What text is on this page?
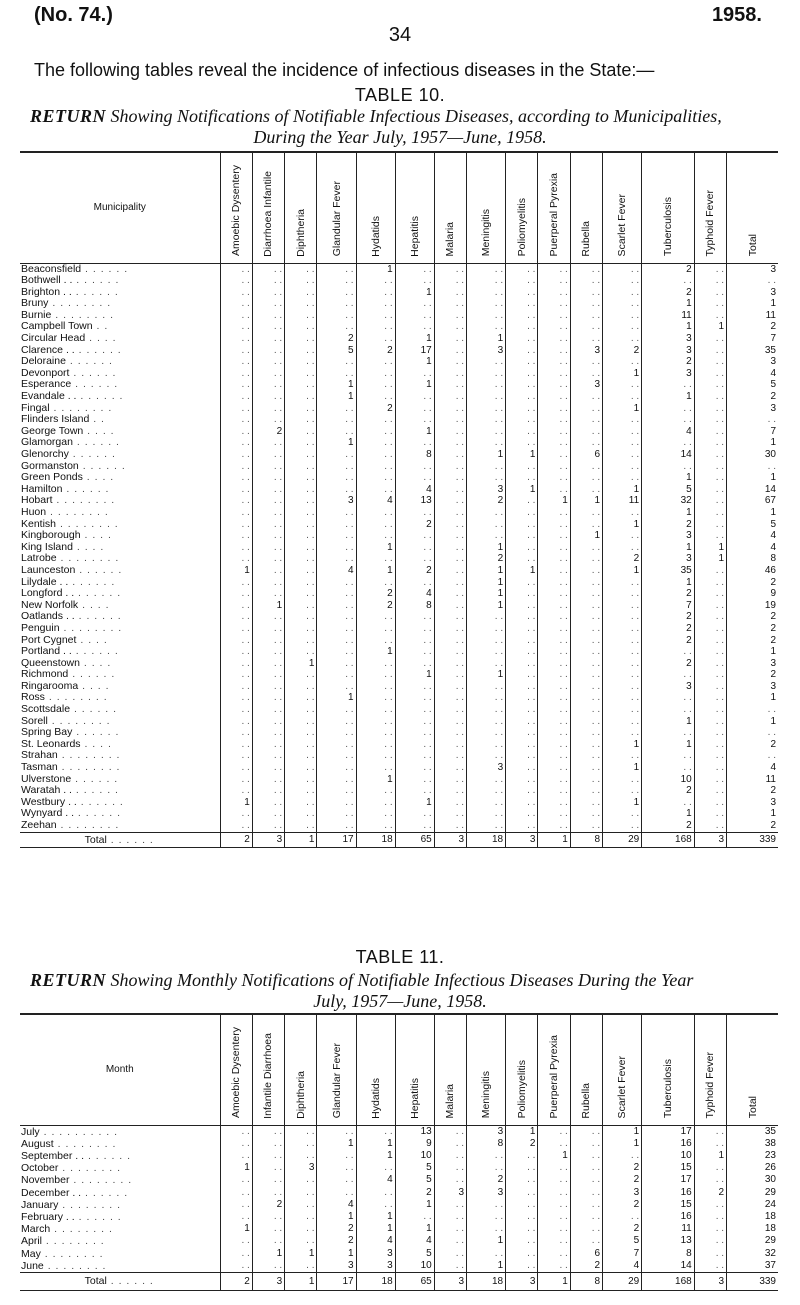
(No. 74.)	1958.
34
The following tables reveal the incidence of infectious diseases in the State:—
TABLE 10.
RETURN Showing Notifications of Notifiable Infectious Diseases, according to Municipalities,
During the Year July, 1957—June, 1958.
Municipality	Amoebic Dysentery	Diarrhoea Infantile	Diphtheria	Glandular Fever	Hydatids	Hepatitis	Malaria	Meningitis	Poliomyelitis	Puerperal Pyrexia	Rubella	Scarlet Fever	Tuberculosis	Typhoid Fever	Total
Beaconsfield . . . . . .	. .	. .	. .	. .	1	. .	. .	. .	. .	. .	. .	. .	2	. .	3
Bothwell . . . . . . . .	. .	. .	. .	. .	. .	. .	. .	. .	. .	. .	. .	. .	. .	. .	. .
Brighton . . . . . . . .	. .	. .	. .	. .	. .	1	. .	. .	. .	. .	. .	. .	2	. .	3
Bruny . . . . . . . .	. .	. .	. .	. .	. .	. .	. .	. .	. .	. .	. .	. .	1	. .	1
Burnie . . . . . . . .	. .	. .	. .	. .	. .	. .	. .	. .	. .	. .	. .	. .	11	. .	11
Campbell Town . .	. .	. .	. .	. .	. .	. .	. .	. .	. .	. .	. .	. .	1	1	2
Circular Head . . . .	. .	. .	. .	2	. .	1	. .	1	. .	. .	. .	. .	3	. .	7
Clarence . . . . . . . .	. .	. .	. .	5	2	17	. .	3	. .	. .	3	2	3	. .	35
Deloraine . . . . . .	. .	. .	. .	. .	. .	1	. .	. .	. .	. .	. .	. .	2	. .	3
Devonport . . . . . .	. .	. .	. .	. .	. .	. .	. .	. .	. .	. .	. .	1	3	. .	4
Esperance . . . . . .	. .	. .	. .	1	. .	1	. .	. .	. .	. .	3	. .	. .	. .	5
Evandale . . . . . . . .	. .	. .	. .	1	. .	. .	. .	. .	. .	. .	. .	. .	1	. .	2
Fingal . . . . . . . .	. .	. .	. .	. .	2	. .	. .	. .	. .	. .	. .	1	. .	. .	3
Flinders Island . .	. .	. .	. .	. .	. .	. .	. .	. .	. .	. .	. .	. .	. .	. .	. .
George Town . . . .	. .	2	. .	. .	. .	1	. .	. .	. .	. .	. .	. .	4	. .	7
Glamorgan . . . . . .	. .	. .	. .	1	. .	. .	. .	. .	. .	. .	. .	. .	. .	. .	1
Glenorchy . . . . . .	. .	. .	. .	. .	. .	8	. .	1	1	. .	6	. .	14	. .	30
Gormanston . . . . . .	. .	. .	. .	. .	. .	. .	. .	. .	. .	. .	. .	. .	. .	. .	. .
Green Ponds . . . .	. .	. .	. .	. .	. .	. .	. .	. .	. .	. .	. .	. .	1	. .	1
Hamilton . . . . . .	. .	. .	. .	. .	. .	4	. .	3	1	. .	. .	1	5	. .	14
Hobart . . . . . . . .	. .	. .	. .	3	4	13	. .	2	. .	1	1	11	32	. .	67
Huon . . . . . . . .	. .	. .	. .	. .	. .	. .	. .	. .	. .	. .	. .	. .	1	. .	1
Kentish . . . . . . . .	. .	. .	. .	. .	. .	2	. .	. .	. .	. .	. .	1	2	. .	5
Kingborough . . . .	. .	. .	. .	. .	. .	. .	. .	. .	. .	. .	1	. .	3	. .	4
King Island . . . .	. .	. .	. .	. .	1	. .	. .	1	. .	. .	. .	. .	1	1	4
Latrobe . . . . . . . .	. .	. .	. .	. .	. .	. .	. .	2	. .	. .	. .	2	3	1	8
Launceston . . . . . .	1	. .	. .	4	1	2	. .	1	1	. .	. .	1	35	. .	46
Lilydale . . . . . . . .	. .	. .	. .	. .	. .	. .	. .	1	. .	. .	. .	. .	1	. .	2
Longford . . . . . . . .	. .	. .	. .	. .	2	4	. .	1	. .	. .	. .	. .	2	. .	9
New Norfolk . . . .	. .	1	. .	. .	2	8	. .	1	. .	. .	. .	. .	7	. .	19
Oatlands . . . . . . . .	. .	. .	. .	. .	. .	. .	. .	. .	. .	. .	. .	. .	2	. .	2
Penguin . . . . . . . .	. .	. .	. .	. .	. .	. .	. .	. .	. .	. .	. .	. .	2	. .	2
Port Cygnet . . . .	. .	. .	. .	. .	. .	. .	. .	. .	. .	. .	. .	. .	2	. .	2
Portland . . . . . . . .	. .	. .	. .	. .	1	. .	. .	. .	. .	. .	. .	. .	. .	. .	1
Queenstown . . . .	. .	. .	1	. .	. .	. .	. .	. .	. .	. .	. .	. .	2	. .	3
Richmond . . . . . .	. .	. .	. .	. .	. .	1	. .	1	. .	. .	. .	. .	. .	. .	2
Ringarooma . . . .	. .	. .	. .	. .	. .	. .	. .	. .	. .	. .	. .	. .	3	. .	3
Ross . . . . . . . .	. .	. .	. .	1	. .	. .	. .	. .	. .	. .	. .	. .	. .	. .	1
Scottsdale . . . . . .	. .	. .	. .	. .	. .	. .	. .	. .	. .	. .	. .	. .	. .	. .	. .
Sorell . . . . . . . .	. .	. .	. .	. .	. .	. .	. .	. .	. .	. .	. .	. .	1	. .	1
Spring Bay . . . . . .	. .	. .	. .	. .	. .	. .	. .	. .	. .	. .	. .	. .	. .	. .	. .
St. Leonards . . . .	. .	. .	. .	. .	. .	. .	. .	. .	. .	. .	. .	1	1	. .	2
Strahan . . . . . . . .	. .	. .	. .	. .	. .	. .	. .	. .	. .	. .	. .	. .	. .	. .	. .
Tasman . . . . . . . .	. .	. .	. .	. .	. .	. .	. .	3	. .	. .	. .	1	. .	. .	4
Ulverstone . . . . . .	. .	. .	. .	. .	1	. .	. .	. .	. .	. .	. .	. .	10	. .	11
Waratah . . . . . . . .	. .	. .	. .	. .	. .	. .	. .	. .	. .	. .	. .	. .	2	. .	2
Westbury . . . . . . . .	1	. .	. .	. .	. .	1	. .	. .	. .	. .	. .	1	. .	. .	3
Wynyard . . . . . . . .	. .	. .	. .	. .	. .	. .	. .	. .	. .	. .	. .	. .	1	. .	1
Zeehan . . . . . . . .	. .	. .	. .	. .	. .	. .	. .	. .	. .	. .	. .	. .	2	. .	2
Total . . . . . .	2	3	1	17	18	65	3	18	3	1	8	29	168	3	339
TABLE 11.
RETURN Showing Monthly Notifications of Notifiable Infectious Diseases During the Year
July, 1957—June, 1958.
Month	Amoebic Dysentery	Infantile Diarrhoea	Diphtheria	Glandular Fever	Hydatids	Hepatitis	Malaria	Meningitis	Poliomyelitis	Puerperal Pyrexia	Rubella	Scarlet Fever	Tuberculosis	Typhoid Fever	Total
July . . . . . . . . . .	. .	. .	. .	. .	. .	13	. .	3	1	. .	. .	1	17	. .	35
August . . . . . . . .	. .	. .	. .	1	1	9	. .	8	2	. .	. .	1	16	. .	38
September . . . . . . . .	. .	. .	. .	. .	1	10	. .	. .	. .	1	. .	. .	10	1	23
October . . . . . . . .	1	. .	3	. .	. .	5	. .	. .	. .	. .	. .	2	15	. .	26
November . . . . . . . .	. .	. .	. .	. .	4	5	. .	2	. .	. .	. .	2	17	. .	30
December . . . . . . . .	. .	. .	. .	. .	. .	2	3	3	. .	. .	. .	3	16	2	29
January . . . . . . . .	. .	2	. .	4	. .	1	. .	. .	. .	. .	. .	2	15	. .	24
February . . . . . . . .	. .	. .	. .	1	1	. .	. .	. .	. .	. .	. .	. .	16	. .	18
March . . . . . . . .	1	. .	. .	2	1	1	. .	. .	. .	. .	. .	2	11	. .	18
April . . . . . . . .	. .	. .	. .	2	4	4	. .	1	. .	. .	. .	5	13	. .	29
May . . . . . . . .	. .	1	1	1	3	5	. .	. .	. .	. .	6	7	8	. .	32
June . . . . . . . .	. .	. .	. .	3	3	10	. .	1	. .	. .	2	4	14	. .	37
Total . . . . . .	2	3	1	17	18	65	3	18	3	1	8	29	168	3	339
